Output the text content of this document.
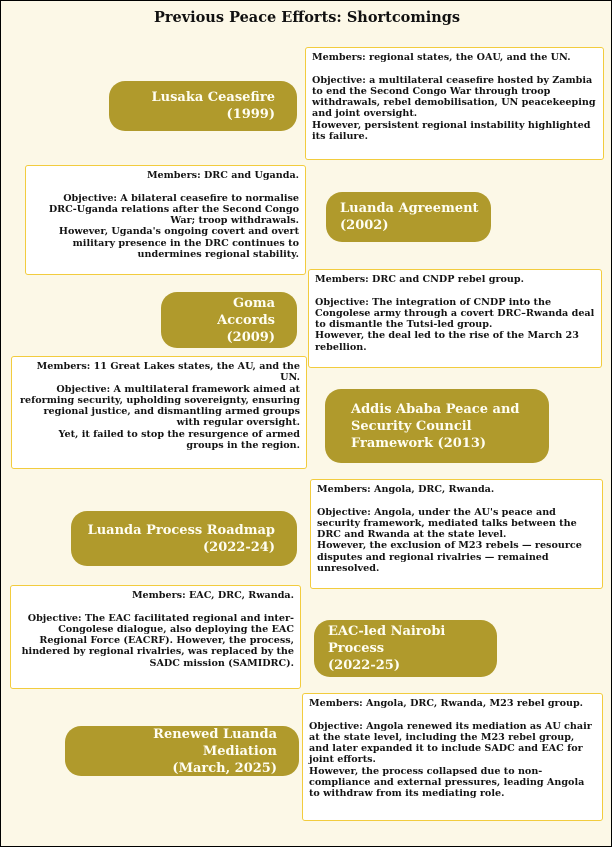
Previous Peace Efforts: Shortcomings
Lusaka Ceasefire
(1999)

Members: regional states, the OAU, and the UN.

Objective: a multilateral ceasefire hosted by Zambia to end the Second Congo War through troop withdrawals, rebel demobilisation, UN peacekeeping and joint oversight.

However, persistent regional instability highlighted its failure.

Members: DRC and Uganda.

Objective: A bilateral ceasefire to normalise DRC-Uganda relations after the Second Congo War; troop withdrawals.

However, Uganda's ongoing covert and overt military presence in the DRC continues to undermines regional stability.

Luanda Agreement
(2002)
Goma Accords
(2009)

Members: DRC and CNDP rebel group.

Objective: The integration of CNDP into the Congolese army through a covert DRC–Rwanda deal to dismantle the Tutsi-led group.

However, the deal led to the rise of the March 23 rebellion.

Members: 11 Great Lakes states, the AU, and the UN.

Objective: A multilateral framework aimed at reforming security, upholding sovereignty, ensuring regional justice, and dismantling armed groups with regular oversight.

Yet, it failed to stop the resurgence of armed groups in the region.

Addis Ababa Peace and
Security Council
Framework (2013)
Luanda Process Roadmap
(2022-24)

Members: Angola, DRC, Rwanda.

Objective: Angola, under the AU's peace and security framework, mediated talks between the DRC and Rwanda at the state level.

However, the exclusion of M23 rebels — resource disputes and regional rivalries — remained unresolved.

Members: EAC, DRC, Rwanda.

Objective: The EAC facilitated regional and inter-Congolese dialogue, also deploying the EAC Regional Force (EACRF). However, the process, hindered by regional rivalries, was replaced by the SADC mission (SAMIDRC).

EAC-led Nairobi Process
(2022-25)
Renewed Luanda Mediation
(March, 2025)

Members: Angola, DRC, Rwanda, M23 rebel group.

Objective: Angola renewed its mediation as AU chair at the state level, including the M23 rebel group, and later expanded it to include SADC and EAC for joint efforts.

However, the process collapsed due to non-compliance and external pressures, leading Angola to withdraw from its mediating role.
